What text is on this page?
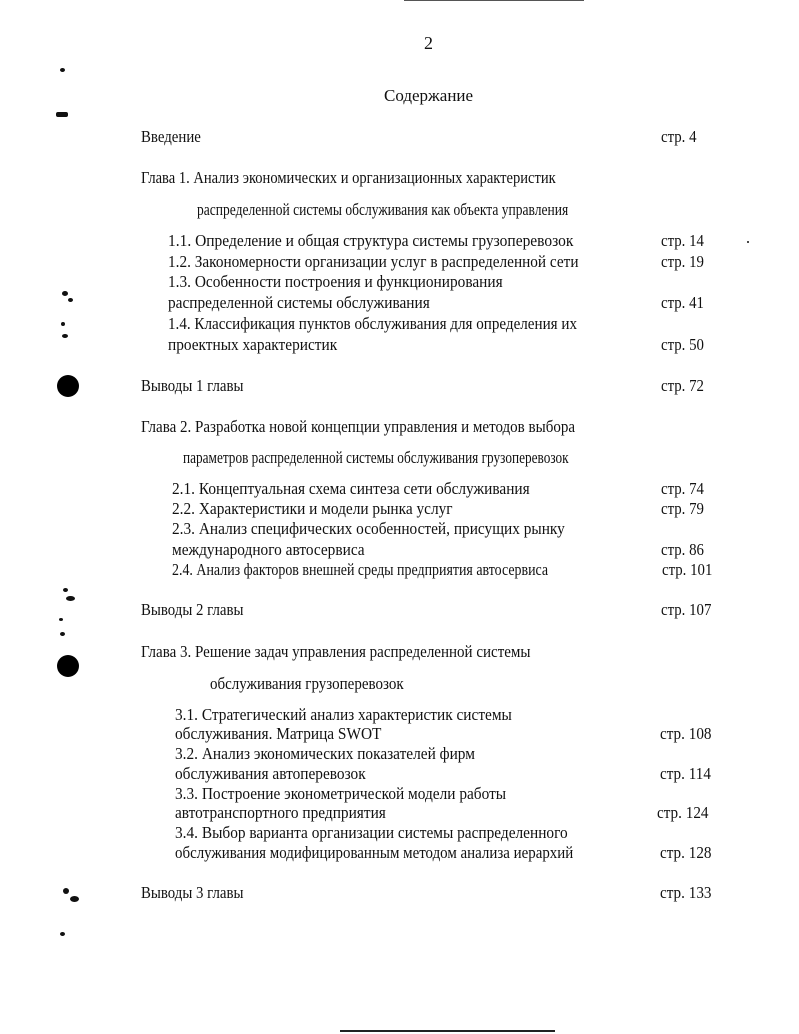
2
Содержание
Введение	стр. 4
Глава 1. Анализ экономических и организационных характеристик
распределенной системы обслуживания как объекта управления
1.1. Определение и общая структура системы грузоперевозок	стр. 14
1.2. Закономерности организации услуг в распределенной сети	стр. 19
1.3. Особенности построения и функционирования
распределенной системы обслуживания	стр. 41
1.4. Классификация пунктов обслуживания для определения их
проектных характеристик	стр. 50
Выводы 1 главы	стр. 72
Глава 2. Разработка новой концепции управления и методов выбора
параметров распределенной системы обслуживания грузоперевозок
2.1. Концептуальная схема синтеза сети обслуживания	стр. 74
2.2. Характеристики и модели рынка услуг	стр. 79
2.3. Анализ специфических особенностей, присущих рынку
международного автосервиса	стр. 86
2.4. Анализ факторов внешней среды предприятия автосервиса	стр. 101
Выводы 2 главы	стр. 107
Глава 3. Решение задач управления распределенной системы
обслуживания грузоперевозок
3.1. Стратегический анализ характеристик системы
обслуживания. Матрица SWOT	стр. 108
3.2. Анализ экономических показателей фирм
обслуживания автоперевозок	стр. 114
3.3. Построение эконометрической модели работы
автотранспортного предприятия	стр. 124
3.4. Выбор варианта организации системы распределенного
обслуживания модифицированным методом анализа иерархий	стр. 128
Выводы 3 главы	стр. 133
